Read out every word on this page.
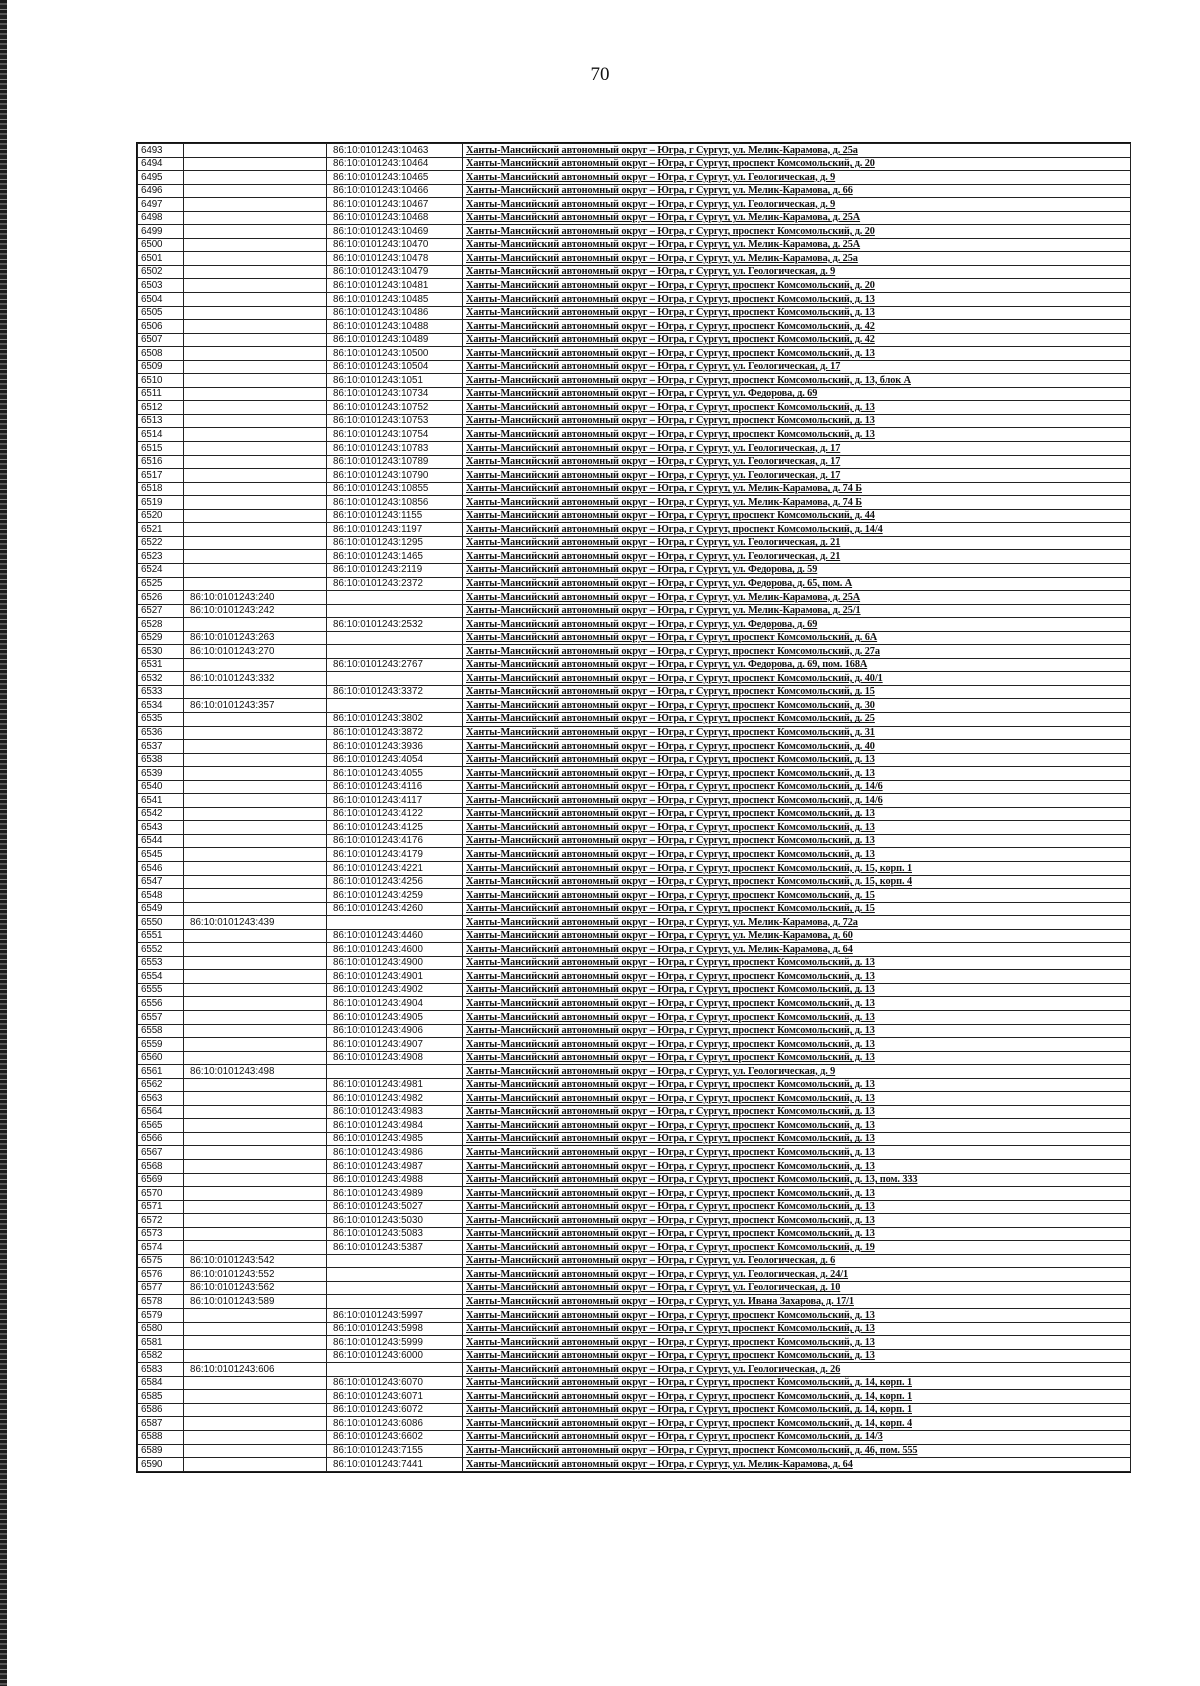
70
6493		86:10:0101243:10463	Ханты-Мансийский автономный округ – Югра, г Сургут, ул. Мелик-Карамова, д. 25а
6494		86:10:0101243:10464	Ханты-Мансийский автономный округ – Югра, г Сургут, проспект Комсомольский, д. 20
6495		86:10:0101243:10465	Ханты-Мансийский автономный округ – Югра, г Сургут, ул. Геологическая, д. 9
6496		86:10:0101243:10466	Ханты-Мансийский автономный округ – Югра, г Сургут, ул. Мелик-Карамова, д. 66
6497		86:10:0101243:10467	Ханты-Мансийский автономный округ – Югра, г Сургут, ул. Геологическая, д. 9
6498		86:10:0101243:10468	Ханты-Мансийский автономный округ – Югра, г Сургут, ул. Мелик-Карамова, д. 25А
6499		86:10:0101243:10469	Ханты-Мансийский автономный округ – Югра, г Сургут, проспект Комсомольский, д. 20
6500		86:10:0101243:10470	Ханты-Мансийский автономный округ – Югра, г Сургут, ул. Мелик-Карамова, д. 25А
6501		86:10:0101243:10478	Ханты-Мансийский автономный округ – Югра, г Сургут, ул. Мелик-Карамова, д. 25а
6502		86:10:0101243:10479	Ханты-Мансийский автономный округ – Югра, г Сургут, ул. Геологическая, д. 9
6503		86:10:0101243:10481	Ханты-Мансийский автономный округ – Югра, г Сургут, проспект Комсомольский, д. 20
6504		86:10:0101243:10485	Ханты-Мансийский автономный округ – Югра, г Сургут, проспект Комсомольский, д. 13
6505		86:10:0101243:10486	Ханты-Мансийский автономный округ – Югра, г Сургут, проспект Комсомольский, д. 13
6506		86:10:0101243:10488	Ханты-Мансийский автономный округ – Югра, г Сургут, проспект Комсомольский, д. 42
6507		86:10:0101243:10489	Ханты-Мансийский автономный округ – Югра, г Сургут, проспект Комсомольский, д. 42
6508		86:10:0101243:10500	Ханты-Мансийский автономный округ – Югра, г Сургут, проспект Комсомольский, д. 13
6509		86:10:0101243:10504	Ханты-Мансийский автономный округ – Югра, г Сургут, ул. Геологическая, д. 17
6510		86:10:0101243:1051	Ханты-Мансийский автономный округ – Югра, г Сургут, проспект Комсомольский, д. 13, блок А
6511		86:10:0101243:10734	Ханты-Мансийский автономный округ – Югра, г Сургут, ул. Федорова, д. 69
6512		86:10:0101243:10752	Ханты-Мансийский автономный округ – Югра, г Сургут, проспект Комсомольский, д. 13
6513		86:10:0101243:10753	Ханты-Мансийский автономный округ – Югра, г Сургут, проспект Комсомольский, д. 13
6514		86:10:0101243:10754	Ханты-Мансийский автономный округ – Югра, г Сургут, проспект Комсомольский, д. 13
6515		86:10:0101243:10783	Ханты-Мансийский автономный округ – Югра, г Сургут, ул. Геологическая, д. 17
6516		86:10:0101243:10789	Ханты-Мансийский автономный округ – Югра, г Сургут, ул. Геологическая, д. 17
6517		86:10:0101243:10790	Ханты-Мансийский автономный округ – Югра, г Сургут, ул. Геологическая, д. 17
6518		86:10:0101243:10855	Ханты-Мансийский автономный округ – Югра, г Сургут, ул. Мелик-Карамова, д. 74 Б
6519		86:10:0101243:10856	Ханты-Мансийский автономный округ – Югра, г Сургут, ул. Мелик-Карамова, д. 74 Б
6520		86:10:0101243:1155	Ханты-Мансийский автономный округ – Югра, г Сургут, проспект Комсомольский, д. 44
6521		86:10:0101243:1197	Ханты-Мансийский автономный округ – Югра, г Сургут, проспект Комсомольский, д. 14/4
6522		86:10:0101243:1295	Ханты-Мансийский автономный округ – Югра, г Сургут, ул. Геологическая, д. 21
6523		86:10:0101243:1465	Ханты-Мансийский автономный округ – Югра, г Сургут, ул. Геологическая, д. 21
6524		86:10:0101243:2119	Ханты-Мансийский автономный округ – Югра, г Сургут, ул. Федорова, д. 59
6525		86:10:0101243:2372	Ханты-Мансийский автономный округ – Югра, г Сургут, ул. Федорова, д. 65, пом. А
6526	86:10:0101243:240		Ханты-Мансийский автономный округ – Югра, г Сургут, ул. Мелик-Карамова, д. 25А
6527	86:10:0101243:242		Ханты-Мансийский автономный округ – Югра, г Сургут, ул. Мелик-Карамова, д. 25/1
6528		86:10:0101243:2532	Ханты-Мансийский автономный округ – Югра, г Сургут, ул. Федорова, д. 69
6529	86:10:0101243:263		Ханты-Мансийский автономный округ – Югра, г Сургут, проспект Комсомольский, д. 6А
6530	86:10:0101243:270		Ханты-Мансийский автономный округ – Югра, г Сургут, проспект Комсомольский, д. 27а
6531		86:10:0101243:2767	Ханты-Мансийский автономный округ – Югра, г Сургут, ул. Федорова, д. 69, пом. 168А
6532	86:10:0101243:332		Ханты-Мансийский автономный округ – Югра, г Сургут, проспект Комсомольский, д. 40/1
6533		86:10:0101243:3372	Ханты-Мансийский автономный округ – Югра, г Сургут, проспект Комсомольский, д. 15
6534	86:10:0101243:357		Ханты-Мансийский автономный округ – Югра, г Сургут, проспект Комсомольский, д. 30
6535		86:10:0101243:3802	Ханты-Мансийский автономный округ – Югра, г Сургут, проспект Комсомольский, д. 25
6536		86:10:0101243:3872	Ханты-Мансийский автономный округ – Югра, г Сургут, проспект Комсомольский, д. 31
6537		86:10:0101243:3936	Ханты-Мансийский автономный округ – Югра, г Сургут, проспект Комсомольский, д. 40
6538		86:10:0101243:4054	Ханты-Мансийский автономный округ – Югра, г Сургут, проспект Комсомольский, д. 13
6539		86:10:0101243:4055	Ханты-Мансийский автономный округ – Югра, г Сургут, проспект Комсомольский, д. 13
6540		86:10:0101243:4116	Ханты-Мансийский автономный округ – Югра, г Сургут, проспект Комсомольский, д. 14/6
6541		86:10:0101243:4117	Ханты-Мансийский автономный округ – Югра, г Сургут, проспект Комсомольский, д. 14/6
6542		86:10:0101243:4122	Ханты-Мансийский автономный округ – Югра, г Сургут, проспект Комсомольский, д. 13
6543		86:10:0101243:4125	Ханты-Мансийский автономный округ – Югра, г Сургут, проспект Комсомольский, д. 13
6544		86:10:0101243:4176	Ханты-Мансийский автономный округ – Югра, г Сургут, проспект Комсомольский, д. 13
6545		86:10:0101243:4179	Ханты-Мансийский автономный округ – Югра, г Сургут, проспект Комсомольский, д. 13
6546		86:10:0101243:4221	Ханты-Мансийский автономный округ – Югра, г Сургут, проспект Комсомольский, д. 15, корп. 1
6547		86:10:0101243:4256	Ханты-Мансийский автономный округ – Югра, г Сургут, проспект Комсомольский, д. 15, корп. 4
6548		86:10:0101243:4259	Ханты-Мансийский автономный округ – Югра, г Сургут, проспект Комсомольский, д. 15
6549		86:10:0101243:4260	Ханты-Мансийский автономный округ – Югра, г Сургут, проспект Комсомольский, д. 15
6550	86:10:0101243:439		Ханты-Мансийский автономный округ – Югра, г Сургут, ул. Мелик-Карамова, д. 72а
6551		86:10:0101243:4460	Ханты-Мансийский автономный округ – Югра, г Сургут, ул. Мелик-Карамова, д. 60
6552		86:10:0101243:4600	Ханты-Мансийский автономный округ – Югра, г Сургут, ул. Мелик-Карамова, д. 64
6553		86:10:0101243:4900	Ханты-Мансийский автономный округ – Югра, г Сургут, проспект Комсомольский, д. 13
6554		86:10:0101243:4901	Ханты-Мансийский автономный округ – Югра, г Сургут, проспект Комсомольский, д. 13
6555		86:10:0101243:4902	Ханты-Мансийский автономный округ – Югра, г Сургут, проспект Комсомольский, д. 13
6556		86:10:0101243:4904	Ханты-Мансийский автономный округ – Югра, г Сургут, проспект Комсомольский, д. 13
6557		86:10:0101243:4905	Ханты-Мансийский автономный округ – Югра, г Сургут, проспект Комсомольский, д. 13
6558		86:10:0101243:4906	Ханты-Мансийский автономный округ – Югра, г Сургут, проспект Комсомольский, д. 13
6559		86:10:0101243:4907	Ханты-Мансийский автономный округ – Югра, г Сургут, проспект Комсомольский, д. 13
6560		86:10:0101243:4908	Ханты-Мансийский автономный округ – Югра, г Сургут, проспект Комсомольский, д. 13
6561	86:10:0101243:498		Ханты-Мансийский автономный округ – Югра, г Сургут, ул. Геологическая, д. 9
6562		86:10:0101243:4981	Ханты-Мансийский автономный округ – Югра, г Сургут, проспект Комсомольский, д. 13
6563		86:10:0101243:4982	Ханты-Мансийский автономный округ – Югра, г Сургут, проспект Комсомольский, д. 13
6564		86:10:0101243:4983	Ханты-Мансийский автономный округ – Югра, г Сургут, проспект Комсомольский, д. 13
6565		86:10:0101243:4984	Ханты-Мансийский автономный округ – Югра, г Сургут, проспект Комсомольский, д. 13
6566		86:10:0101243:4985	Ханты-Мансийский автономный округ – Югра, г Сургут, проспект Комсомольский, д. 13
6567		86:10:0101243:4986	Ханты-Мансийский автономный округ – Югра, г Сургут, проспект Комсомольский, д. 13
6568		86:10:0101243:4987	Ханты-Мансийский автономный округ – Югра, г Сургут, проспект Комсомольский, д. 13
6569		86:10:0101243:4988	Ханты-Мансийский автономный округ – Югра, г Сургут, проспект Комсомольский, д. 13, пом. 333
6570		86:10:0101243:4989	Ханты-Мансийский автономный округ – Югра, г Сургут, проспект Комсомольский, д. 13
6571		86:10:0101243:5027	Ханты-Мансийский автономный округ – Югра, г Сургут, проспект Комсомольский, д. 13
6572		86:10:0101243:5030	Ханты-Мансийский автономный округ – Югра, г Сургут, проспект Комсомольский, д. 13
6573		86:10:0101243:5083	Ханты-Мансийский автономный округ – Югра, г Сургут, проспект Комсомольский, д. 13
6574		86:10:0101243:5387	Ханты-Мансийский автономный округ – Югра, г Сургут, проспект Комсомольский, д. 19
6575	86:10:0101243:542		Ханты-Мансийский автономный округ – Югра, г Сургут, ул. Геологическая, д. 6
6576	86:10:0101243:552		Ханты-Мансийский автономный округ – Югра, г Сургут, ул. Геологическая, д. 24/1
6577	86:10:0101243:562		Ханты-Мансийский автономный округ – Югра, г Сургут, ул. Геологическая, д. 10
6578	86:10:0101243:589		Ханты-Мансийский автономный округ – Югра, г Сургут, ул. Ивана Захарова, д. 17/1
6579		86:10:0101243:5997	Ханты-Мансийский автономный округ – Югра, г Сургут, проспект Комсомольский, д. 13
6580		86:10:0101243:5998	Ханты-Мансийский автономный округ – Югра, г Сургут, проспект Комсомольский, д. 13
6581		86:10:0101243:5999	Ханты-Мансийский автономный округ – Югра, г Сургут, проспект Комсомольский, д. 13
6582		86:10:0101243:6000	Ханты-Мансийский автономный округ – Югра, г Сургут, проспект Комсомольский, д. 13
6583	86:10:0101243:606		Ханты-Мансийский автономный округ – Югра, г Сургут, ул. Геологическая, д. 26
6584		86:10:0101243:6070	Ханты-Мансийский автономный округ – Югра, г Сургут, проспект Комсомольский, д. 14, корп. 1
6585		86:10:0101243:6071	Ханты-Мансийский автономный округ – Югра, г Сургут, проспект Комсомольский, д. 14, корп. 1
6586		86:10:0101243:6072	Ханты-Мансийский автономный округ – Югра, г Сургут, проспект Комсомольский, д. 14, корп. 1
6587		86:10:0101243:6086	Ханты-Мансийский автономный округ – Югра, г Сургут, проспект Комсомольский, д. 14, корп. 4
6588		86:10:0101243:6602	Ханты-Мансийский автономный округ – Югра, г Сургут, проспект Комсомольский, д. 14/3
6589		86:10:0101243:7155	Ханты-Мансийский автономный округ – Югра, г Сургут, проспект Комсомольский, д. 46, пом. 555
6590		86:10:0101243:7441	Ханты-Мансийский автономный округ – Югра, г Сургут, ул. Мелик-Карамова, д. 64
